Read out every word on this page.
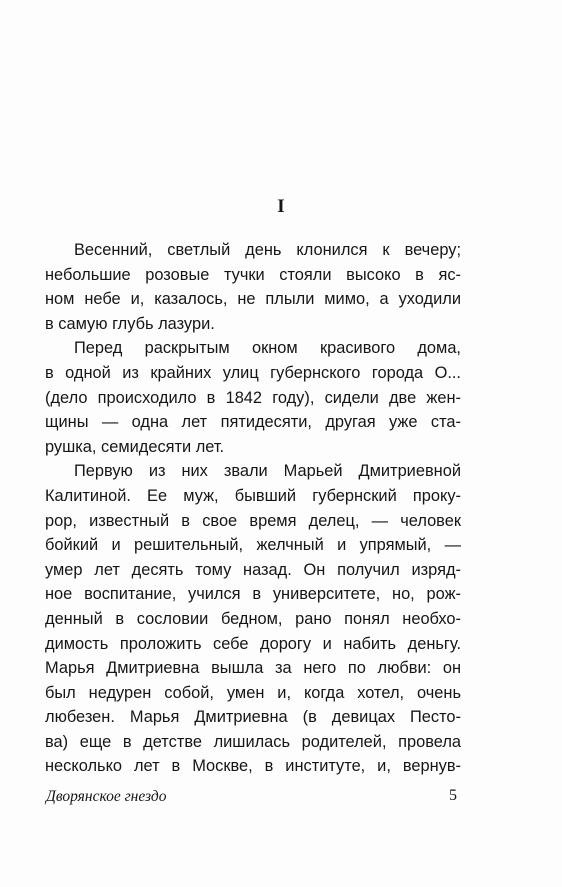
I
Весенний, светлый день клонился к вечеру;
небольшие розовые тучки стояли высоко в яс-
ном небе и, казалось, не плыли мимо, а уходили
в самую глубь лазури.
Перед раскрытым окном красивого дома,
в одной из крайних улиц губернского города О...
(дело происходило в 1842 году), сидели две жен-
щины — одна лет пятидесяти, другая уже ста-
рушка, семидесяти лет.
Первую из них звали Марьей Дмитриевной
Калитиной. Ее муж, бывший губернский проку-
рор, известный в свое время делец, — человек
бойкий и решительный, желчный и упрямый, —
умер лет десять тому назад. Он получил изряд-
ное воспитание, учился в университете, но, рож-
денный в сословии бедном, рано понял необхо-
димость проложить себе дорогу и набить деньгу.
Марья Дмитриевна вышла за него по любви: он
был недурен собой, умен и, когда хотел, очень
любезен. Марья Дмитриевна (в девицах Песто-
ва) еще в детстве лишилась родителей, провела
несколько лет в Москве, в институте, и, вернув-
Дворянское гнездо	5
